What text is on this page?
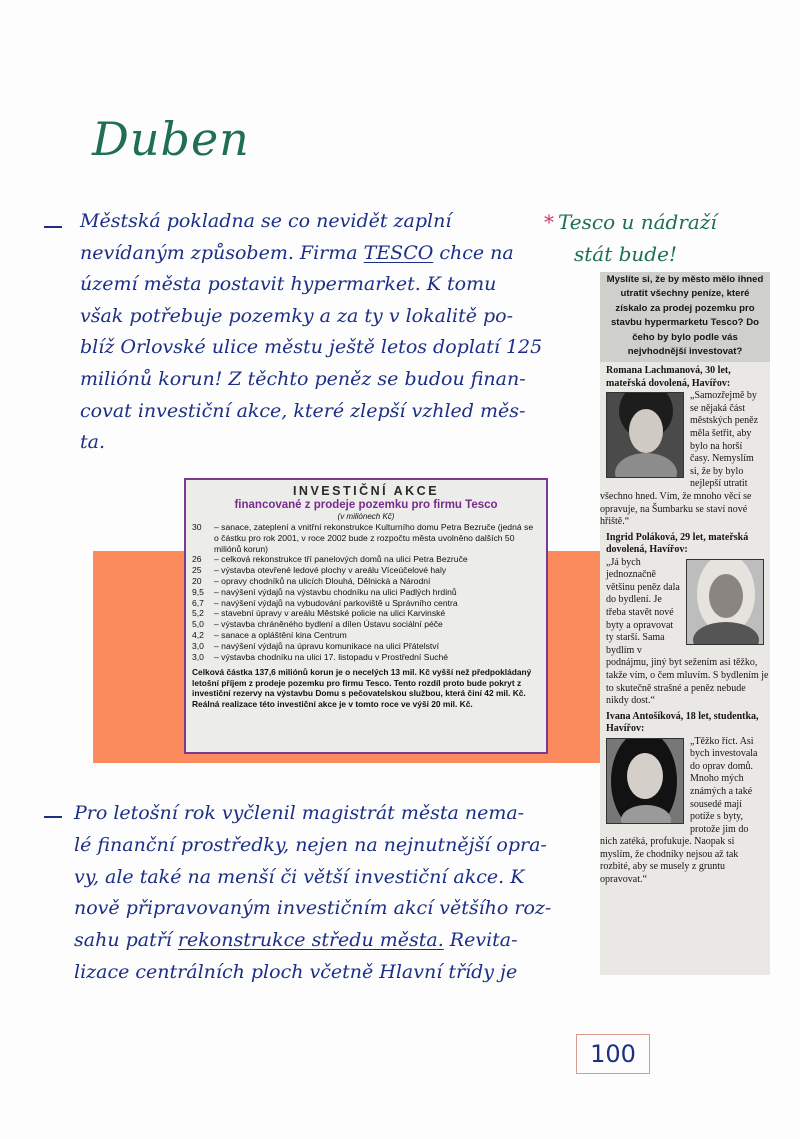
Duben
* Tesco u nádraží
stát bude!
Městská pokladna se co nevidět zaplní
nevídaným způsobem. Firma TESCO chce na
území města postavit hypermarket. K tomu
však potřebuje pozemky a za ty v lokalitě po-
blíž Orlovské ulice městu ještě letos doplatí 125
miliónů korun! Z těchto peněz se budou finan-
covat investiční akce, které zlepší vzhled měs-
ta.
INVESTIČNÍ AKCE
financované z prodeje pozemku pro firmu Tesco
(v miliónech Kč)
30	– sanace, zateplení a vnitřní rekonstrukce Kulturního domu Petra Bezruče (jedná se o částku pro rok 2001, v roce 2002 bude z rozpočtu města uvolněno dalších 50 miliónů korun)
26	– celková rekonstrukce tří panelových domů na ulici Petra Bezruče
25	– výstavba otevřené ledové plochy v areálu Víceúčelové haly
20	– opravy chodníků na ulicích Dlouhá, Dělnická a Národní
9,5	– navýšení výdajů na výstavbu chodníku na ulici Padlých hrdinů
6,7	– navýšení výdajů na vybudování parkoviště u Správního centra
5,2	– stavební úpravy v areálu Městské policie na ulici Karvinské
5,0	– výstavba chráněného bydlení a dílen Ústavu sociální péče
4,2	– sanace a opláštění kina Centrum
3,0	– navýšení výdajů na úpravu komunikace na ulici Přátelství
3,0	– výstavba chodníku na ulici 17. listopadu v Prostřední Suché
Celková částka 137,6 miliónů korun je o necelých 13 mil. Kč vyšší než předpokládaný letošní příjem z prodeje pozemku pro firmu Tesco. Tento rozdíl proto bude pokryt z investiční rezervy na výstavbu Domu s pečovatelskou službou, která činí 42 mil. Kč. Reálná realizace této investiční akce je v tomto roce ve výši 20 mil. Kč.
Myslíte si, že by město mělo ihned utratit všechny peníze, které získalo za prodej pozemku pro stavbu hypermarketu Tesco? Do čeho by bylo podle vás nejvhodnější investovat?
Romana Lachmanová, 30 let, mateřská dovolená, Havířov:
„Samozřejmě by se nějaká část městských peněz měla šetřit, aby bylo na horší časy. Nemyslím si, že by bylo nejlepší utratit všechno hned. Vím, že mnoho věcí se opravuje, na Šumbarku se staví nové hřiště.“
Ingrid Poláková, 29 let, mateřská dovolená, Havířov:
„Já bych jednoznačně většinu peněz dala do bydlení. Je třeba stavět nové byty a opravovat ty starší. Sama bydlím v podnájmu, jiný byt sežením asi těžko, takže vím, o čem mluvím. S bydlením je to skutečně strašné a peněz nebude nikdy dost.“
Ivana Antošíková, 18 let, studentka, Havířov:
„Těžko říct. Asi bych investovala do oprav domů. Mnoho mých známých a také sousedé mají potíže s byty, protože jim do nich zatéká, profukuje. Naopak si myslím, že chodníky nejsou až tak rozbité, aby se musely z gruntu opravovat.“
Pro letošní rok vyčlenil magistrát města nema-
lé finanční prostředky, nejen na nejnutnější opra-
vy, ale také na menší či větší investiční akce. K
nově připravovaným investičním akcí většího roz-
sahu patří rekonstrukce středu města. Revita-
lizace centrálních ploch včetně Hlavní třídy je
100
